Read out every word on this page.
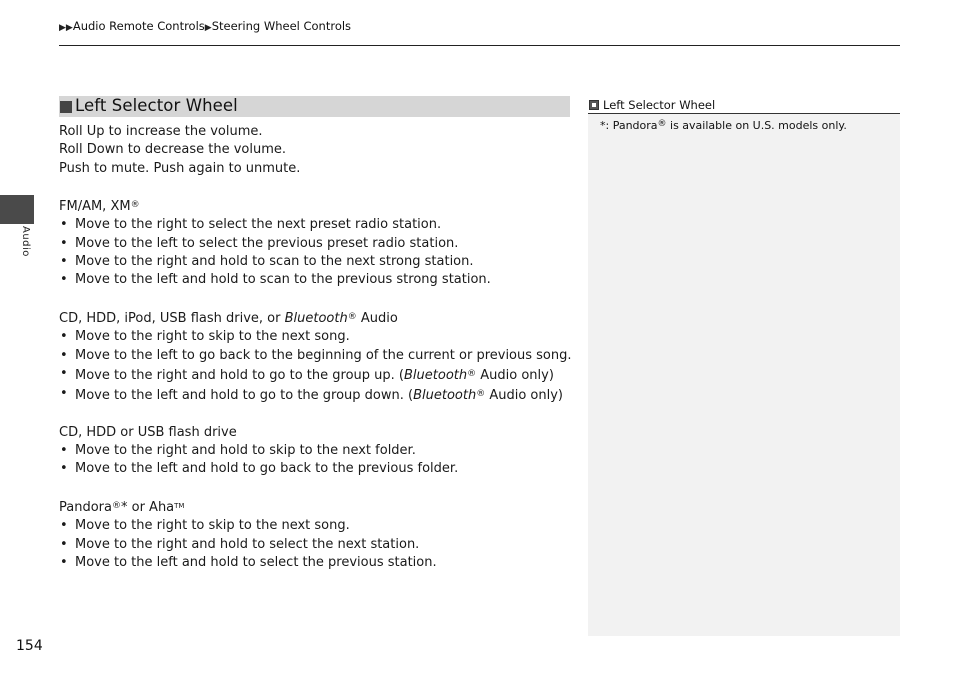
▶▶Audio Remote Controls▶Steering Wheel Controls
Audio
Left Selector Wheel
Roll Up to increase the volume.
Roll Down to decrease the volume.
Push to mute. Push again to unmute.
FM/AM, XM®
• Move to the right to select the next preset radio station.
• Move to the left to select the previous preset radio station.
• Move to the right and hold to scan to the next strong station.
• Move to the left and hold to scan to the previous strong station.
CD, HDD, iPod, USB flash drive, or Bluetooth® Audio
• Move to the right to skip to the next song.
• Move to the left to go back to the beginning of the current or previous song.
• Move to the right and hold to go to the group up. (Bluetooth® Audio only)
• Move to the left and hold to go to the group down. (Bluetooth® Audio only)
CD, HDD or USB flash drive
• Move to the right and hold to skip to the next folder.
• Move to the left and hold to go back to the previous folder.
Pandora®* or Aha™
• Move to the right to skip to the next song.
• Move to the right and hold to select the next station.
• Move to the left and hold to select the previous station.
Left Selector Wheel
*: Pandora® is available on U.S. models only.
154
